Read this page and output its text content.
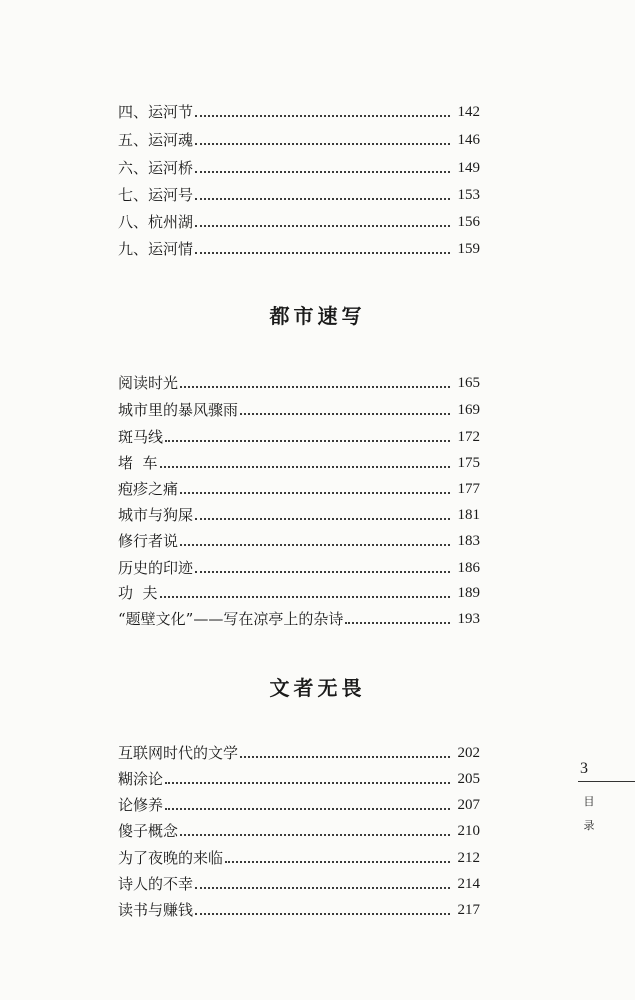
四、运河节	142
五、运河魂	146
六、运河桥	149
七、运河号	153
八、杭州湖	156
九、运河情	159
都市速写
阅读时光	165
城市里的暴风骤雨	169
斑马线	172
堵  车	175
疱疹之痛	177
城市与狗屎	181
修行者说	183
历史的印迹	186
功  夫	189
“题壁文化”——写在凉亭上的杂诗	193
文者无畏
互联网时代的文学	202
糊涂论	205
论修养	207
傻子概念	210
为了夜晚的来临	212
诗人的不幸	214
读书与赚钱	217
3
目
录
